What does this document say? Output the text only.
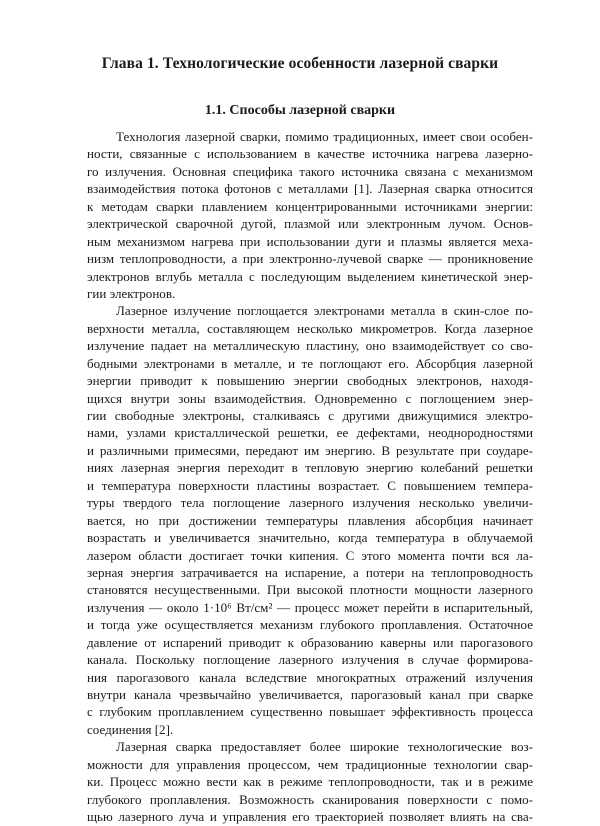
Глава 1. Технологические особенности лазерной сварки
1.1. Способы лазерной сварки
Технология лазерной сварки, помимо традиционных, имеет свои особен-
ности, связанные с использованием в качестве источника нагрева лазерно-
го излучения. Основная специфика такого источника связана с механизмом
взаимодействия потока фотонов с металлами [1]. Лазерная сварка относится
к методам сварки плавлением концентрированными источниками энергии:
электрической сварочной дугой, плазмой или электронным лучом. Основ-
ным механизмом нагрева при использовании дуги и плазмы является меха-
низм теплопроводности, а при электронно-лучевой сварке — проникновение
электронов вглубь металла с последующим выделением кинетической энер-
гии электронов.
Лазерное излучение поглощается электронами металла в скин-слое по-
верхности металла, составляющем несколько микрометров. Когда лазерное
излучение падает на металлическую пластину, оно взаимодействует со сво-
бодными электронами в металле, и те поглощают его. Абсорбция лазерной
энергии приводит к повышению энергии свободных электронов, находя-
щихся внутри зоны взаимодействия. Одновременно с поглощением энер-
гии свободные электроны, сталкиваясь с другими движущимися электро-
нами, узлами кристаллической решетки, ее дефектами, неоднородностями
и различными примесями, передают им энергию. В результате при соударе-
ниях лазерная энергия переходит в тепловую энергию колебаний решетки
и температура поверхности пластины возрастает. С повышением темпера-
туры твердого тела поглощение лазерного излучения несколько увеличи-
вается, но при достижении температуры плавления абсорбция начинает
возрастать и увеличивается значительно, когда температура в облучаемой
лазером области достигает точки кипения. С этого момента почти вся ла-
зерная энергия затрачивается на испарение, а потери на теплопроводность
становятся несущественными. При высокой плотности мощности лазерного
излучения — около 1·10⁶ Вт/см² — процесс может перейти в испарительный,
и тогда уже осуществляется механизм глубокого проплавления. Остаточное
давление от испарений приводит к образованию каверны или парогазового
канала. Поскольку поглощение лазерного излучения в случае формирова-
ния парогазового канала вследствие многократных отражений излучения
внутри канала чрезвычайно увеличивается, парогазовый канал при сварке
с глубоким проплавлением существенно повышает эффективность процесса
соединения [2].
Лазерная сварка предоставляет более широкие технологические воз-
можности для управления процессом, чем традиционные технологии свар-
ки. Процесс можно вести как в режиме теплопроводности, так и в режиме
глубокого проплавления. Возможность сканирования поверхности с помо-
щью лазерного луча и управления его траекторией позволяет влиять на сва-
